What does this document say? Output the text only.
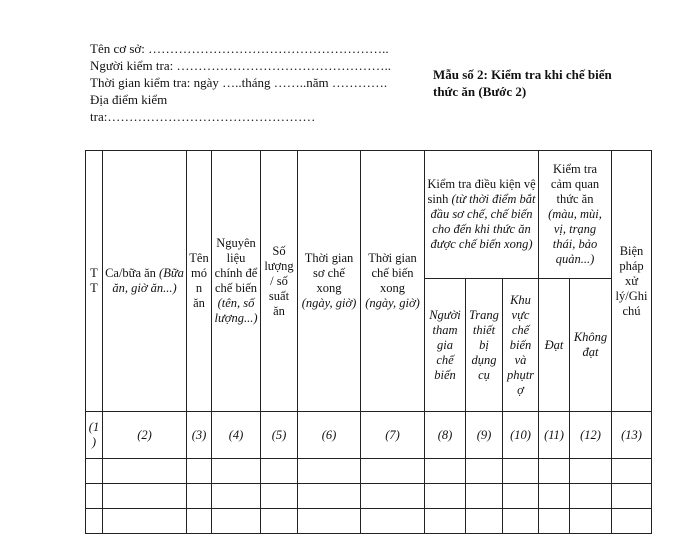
Tên cơ sở: ………………………………………………..
Người kiểm tra: …………………………………………..
Thời gian kiểm tra: ngày …..tháng ……..năm ………….
Địa điểm kiểm
tra:…………………………………………
Mẫu số 2: Kiểm tra khi chế biến
thức ăn (Bước 2)
TT	Ca/bữa ăn (Bữa ăn, giờ ăn...)	Tên món ăn	Nguyên liệu chính để chế biến (tên, số lượng...)	Số lượng / số suất ăn	Thời gian sơ chế xong (ngày, giờ)	Thời gian chế biến xong (ngày, giờ)	Kiểm tra điều kiện vệ sinh (từ thời điểm bắt đầu sơ chế, chế biến cho đến khi thức ăn được chế biến xong)			Kiểm tra cảm quan thức ăn (màu, mùi, vị, trạng thái, bảo quản...)		Biện pháp xử lý/Ghi chú
							Người tham gia chế biến	Trang thiết bị dụng cụ	Khu vực chế biến và phụtrợ	Đạt	Không đạt	
(1)	(2)	(3)	(4)	(5)	(6)	(7)	(8)	(9)	(10)	(11)	(12)	(13)
